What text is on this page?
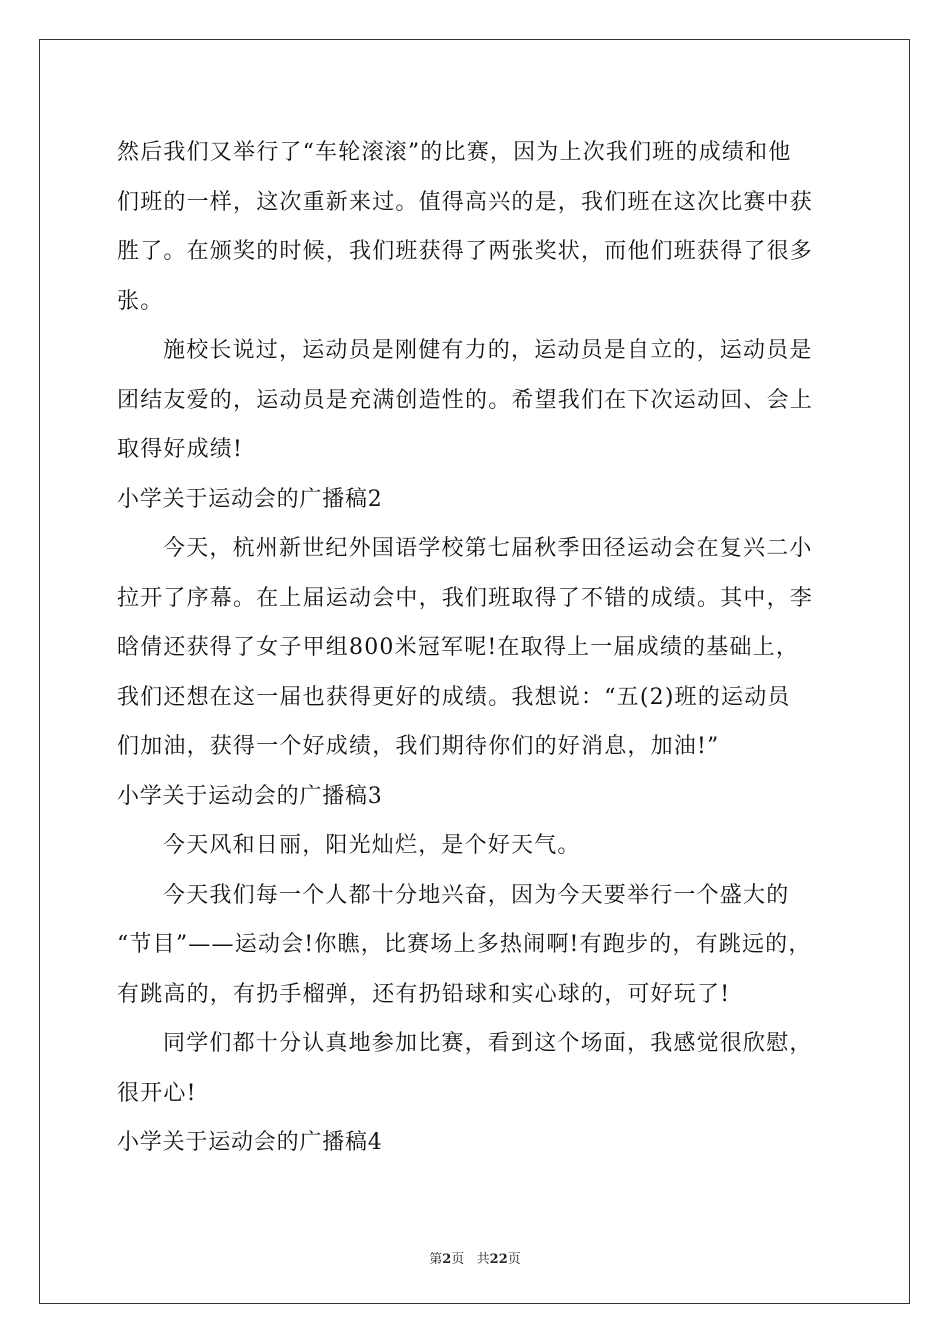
然后我们又举行了“车轮滚滚”的比赛，因为上次我们班的成绩和他
们班的一样，这次重新来过。值得高兴的是，我们班在这次比赛中获
胜了。在颁奖的时候，我们班获得了两张奖状，而他们班获得了很多
张。
施校长说过，运动员是刚健有力的，运动员是自立的，运动员是
团结友爱的，运动员是充满创造性的。希望我们在下次运动回、会上
取得好成绩!
小学关于运动会的广播稿2
今天，杭州新世纪外国语学校第七届秋季田径运动会在复兴二小
拉开了序幕。在上届运动会中，我们班取得了不错的成绩。其中，李
晗倩还获得了女子甲组800米冠军呢!在取得上一届成绩的基础上，
我们还想在这一届也获得更好的成绩。我想说：“五(2)班的运动员
们加油，获得一个好成绩，我们期待你们的好消息，加油!”
小学关于运动会的广播稿3
今天风和日丽，阳光灿烂，是个好天气。
今天我们每一个人都十分地兴奋，因为今天要举行一个盛大的
“节目”——运动会!你瞧，比赛场上多热闹啊!有跑步的，有跳远的，
有跳高的，有扔手榴弹，还有扔铅球和实心球的，可好玩了!
同学们都十分认真地参加比赛，看到这个场面，我感觉很欣慰，
很开心!
小学关于运动会的广播稿4
第2页   共22页
